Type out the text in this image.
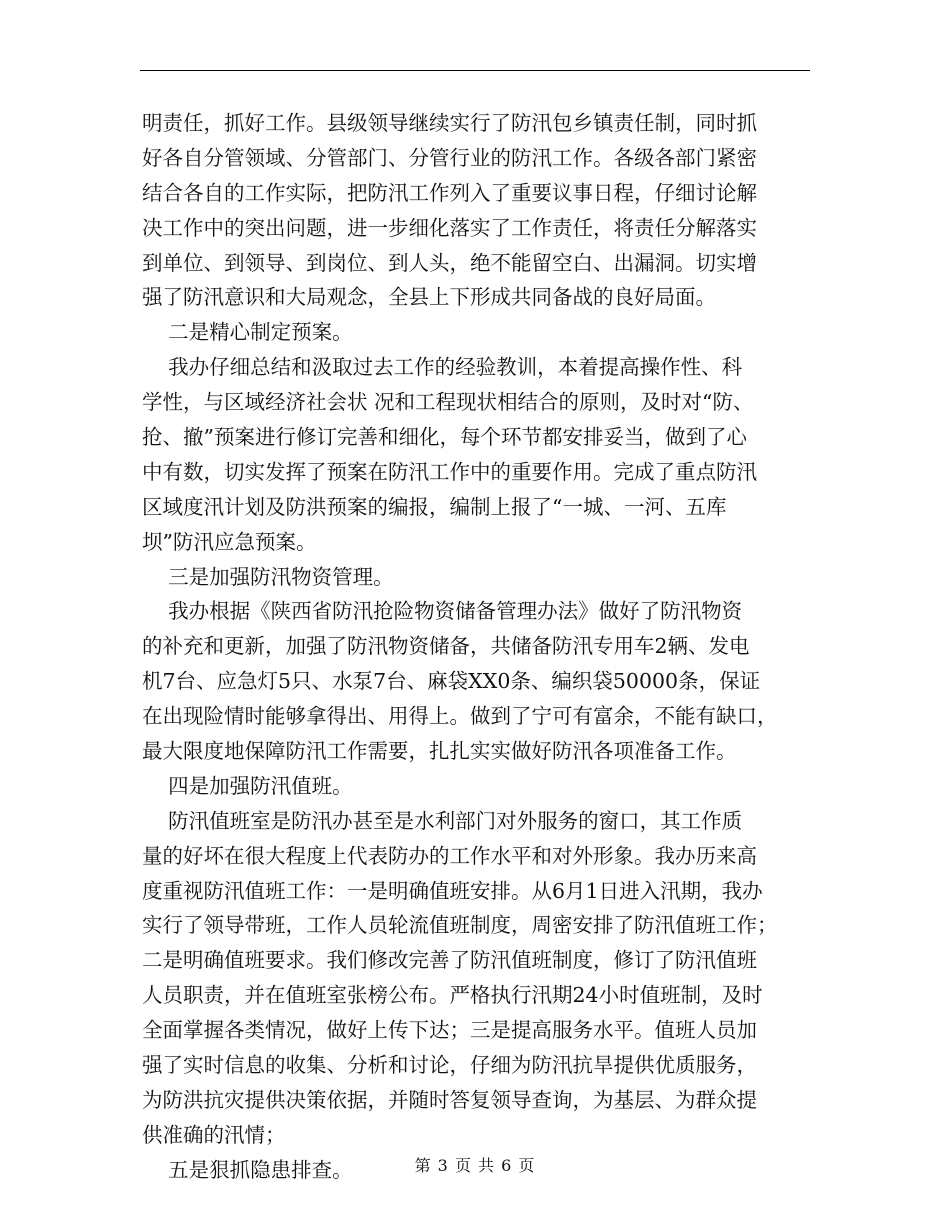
明责任，抓好工作。县级领导继续实行了防汛包乡镇责任制，同时抓
好各自分管领域、分管部门、分管行业的防汛工作。各级各部门紧密
结合各自的工作实际，把防汛工作列入了重要议事日程，仔细讨论解
决工作中的突出问题，进一步细化落实了工作责任，将责任分解落实
到单位、到领导、到岗位、到人头，绝不能留空白、出漏洞。切实增
强了防汛意识和大局观念，全县上下形成共同备战的良好局面。
二是精心制定预案。
我办仔细总结和汲取过去工作的经验教训，本着提高操作性、科
学性，与区域经济社会状 况和工程现状相结合的原则，及时对“防、
抢、撤”预案进行修订完善和细化，每个环节都安排妥当，做到了心
中有数，切实发挥了预案在防汛工作中的重要作用。完成了重点防汛
区域度汛计划及防洪预案的编报，编制上报了“一城、一河、五库
坝”防汛应急预案。
三是加强防汛物资管理。
我办根据《陕西省防汛抢险物资储备管理办法》做好了防汛物资
的补充和更新，加强了防汛物资储备，共储备防汛专用车2辆、发电
机7台、应急灯5只、水泵7台、麻袋XX0条、编织袋50000条，保证
在出现险情时能够拿得出、用得上。做到了宁可有富余，不能有缺口，
最大限度地保障防汛工作需要，扎扎实实做好防汛各项准备工作。
四是加强防汛值班。
防汛值班室是防汛办甚至是水利部门对外服务的窗口，其工作质
量的好坏在很大程度上代表防办的工作水平和对外形象。我办历来高
度重视防汛值班工作：一是明确值班安排。从6月1日进入汛期，我办
实行了领导带班，工作人员轮流值班制度，周密安排了防汛值班工作；
二是明确值班要求。我们修改完善了防汛值班制度，修订了防汛值班
人员职责，并在值班室张榜公布。严格执行汛期24小时值班制，及时
全面掌握各类情况，做好上传下达；三是提高服务水平。值班人员加
强了实时信息的收集、分析和讨论，仔细为防汛抗旱提供优质服务，
为防洪抗灾提供决策依据，并随时答复领导查询，为基层、为群众提
供准确的汛情；
五是狠抓隐患排查。	第 3 页 共 6 页
